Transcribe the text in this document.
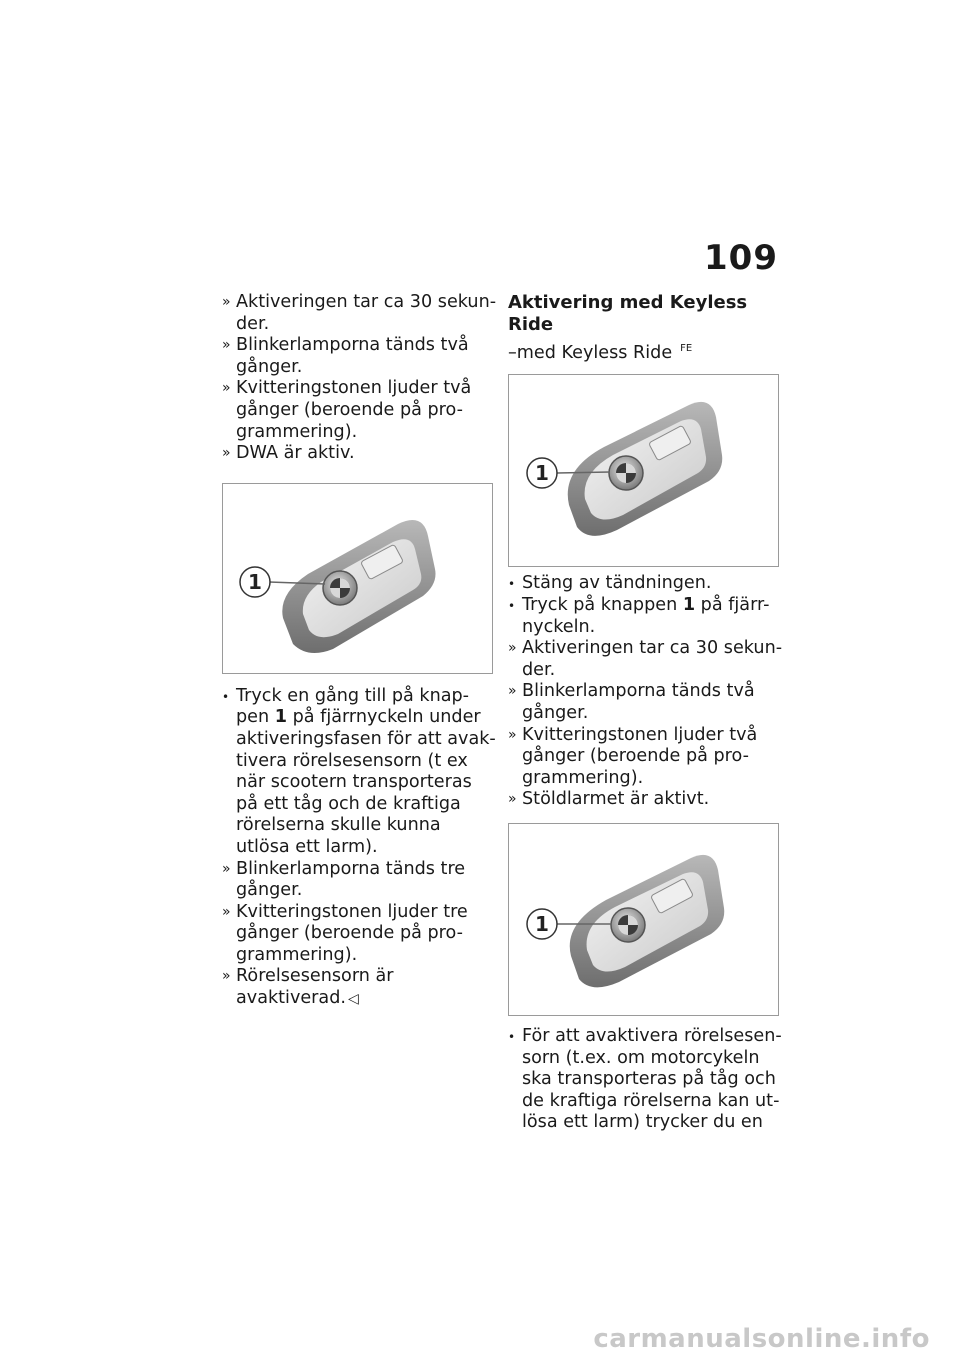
109
» Aktiveringen tar ca 30 sekun-der.
» Blinkerlamporna tänds två gånger.
» Kvitteringstonen ljuder två gånger (beroende på pro-grammering).
» DWA är aktiv.
1
• Tryck en gång till på knap-pen 1 på fjärrnyckeln under aktiveringsfasen för att avak-tivera rörelsesensorn (t ex när scootern transporteras på ett tåg och de kraftiga rörelserna skulle kunna utlösa ett larm).
» Blinkerlamporna tänds tre gånger.
» Kvitteringstonen ljuder tre gånger (beroende på pro-grammering).
» Rörelsesensorn är avaktiverad. ◁
Aktivering med Keyless Ride
–med Keyless Ride $^{FE}$
1
• Stäng av tändningen.
• Tryck på knappen 1 på fjärr-nyckeln.
» Aktiveringen tar ca 30 sekun-der.
» Blinkerlamporna tänds två gånger.
» Kvitteringstonen ljuder två gånger (beroende på pro-grammering).
» Stöldlarmet är aktivt.
1
• För att avaktivera rörelsesen-sorn (t.ex. om motorcykeln ska transporteras på tåg och de kraftiga rörelserna kan ut-lösa ett larm) trycker du en
carmanualsonline.info
